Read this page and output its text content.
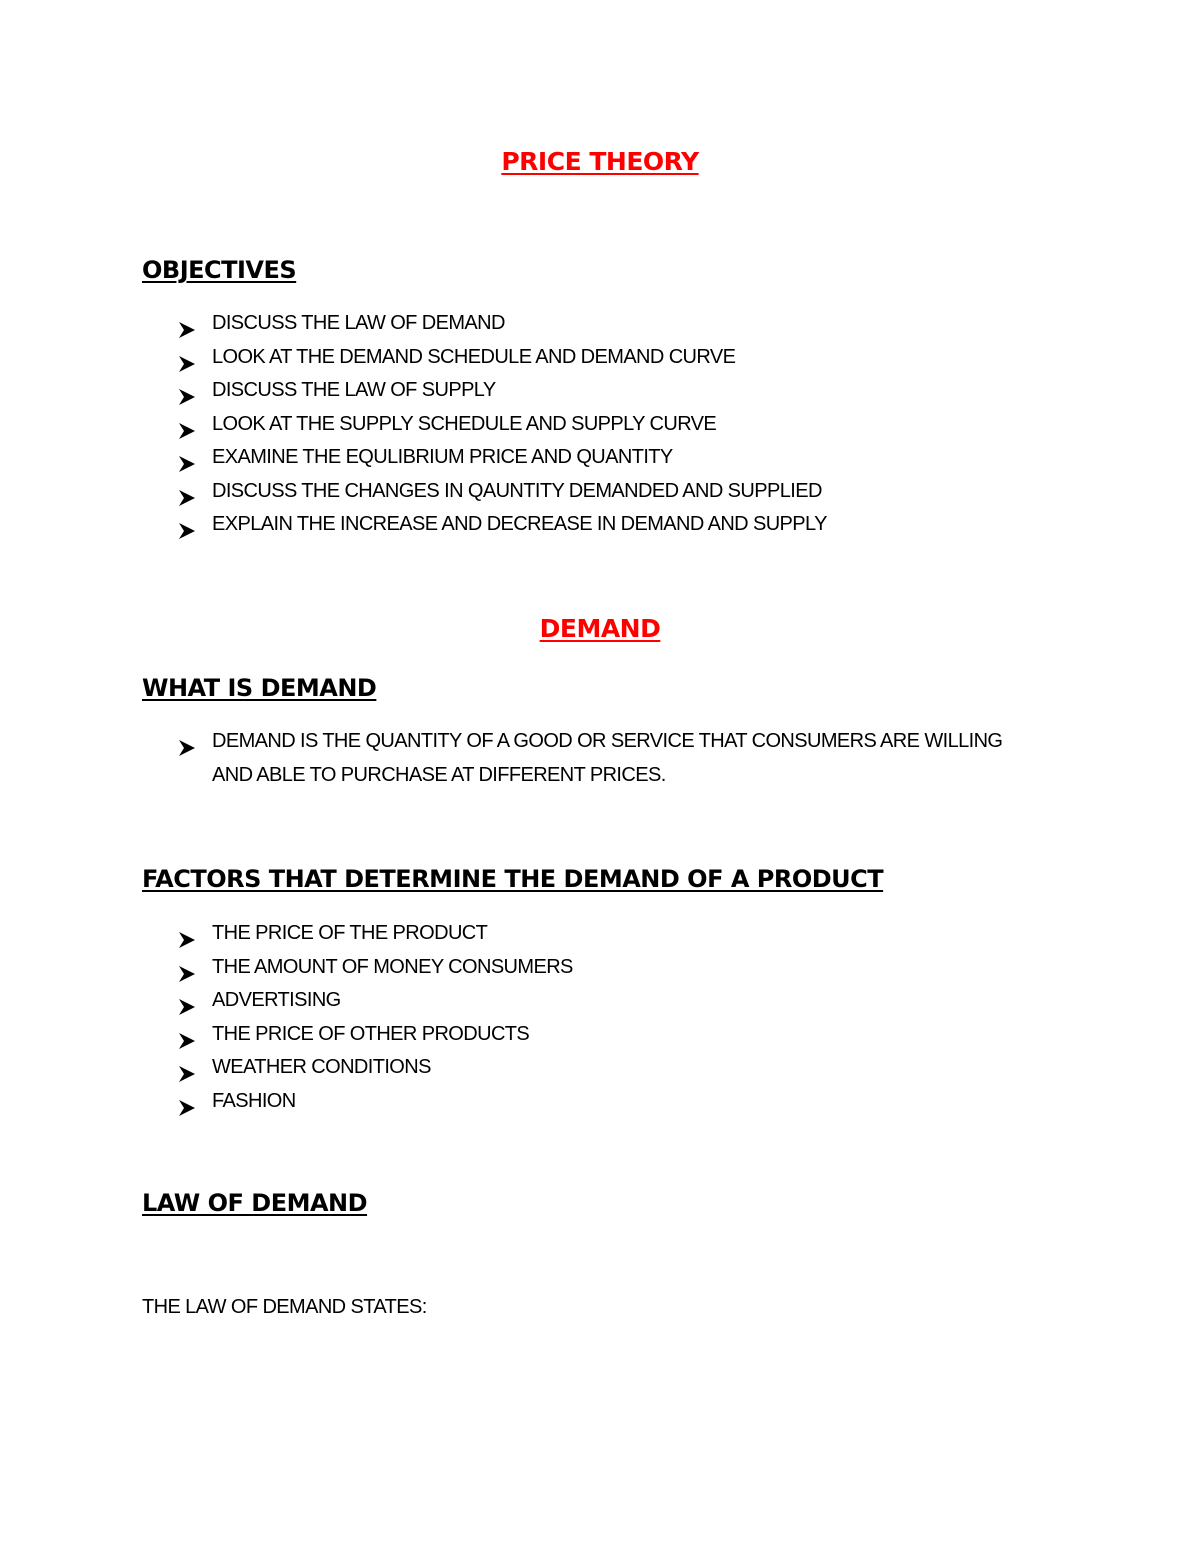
PRICE THEORY
OBJECTIVES
DISCUSS THE LAW OF DEMAND
LOOK AT THE DEMAND SCHEDULE AND DEMAND CURVE
DISCUSS THE LAW OF SUPPLY
LOOK AT THE SUPPLY SCHEDULE AND SUPPLY CURVE
EXAMINE THE EQULIBRIUM PRICE AND QUANTITY
DISCUSS THE CHANGES IN QAUNTITY DEMANDED AND SUPPLIED
EXPLAIN THE INCREASE AND DECREASE IN DEMAND AND SUPPLY
DEMAND
WHAT IS DEMAND
DEMAND IS THE QUANTITY OF A GOOD OR SERVICE THAT CONSUMERS ARE WILLING AND ABLE TO PURCHASE AT DIFFERENT PRICES.
FACTORS THAT DETERMINE THE DEMAND OF A PRODUCT
THE PRICE OF THE PRODUCT
THE AMOUNT OF MONEY CONSUMERS
ADVERTISING
THE PRICE OF OTHER PRODUCTS
WEATHER CONDITIONS
FASHION
LAW OF DEMAND

THE LAW OF DEMAND STATES:
